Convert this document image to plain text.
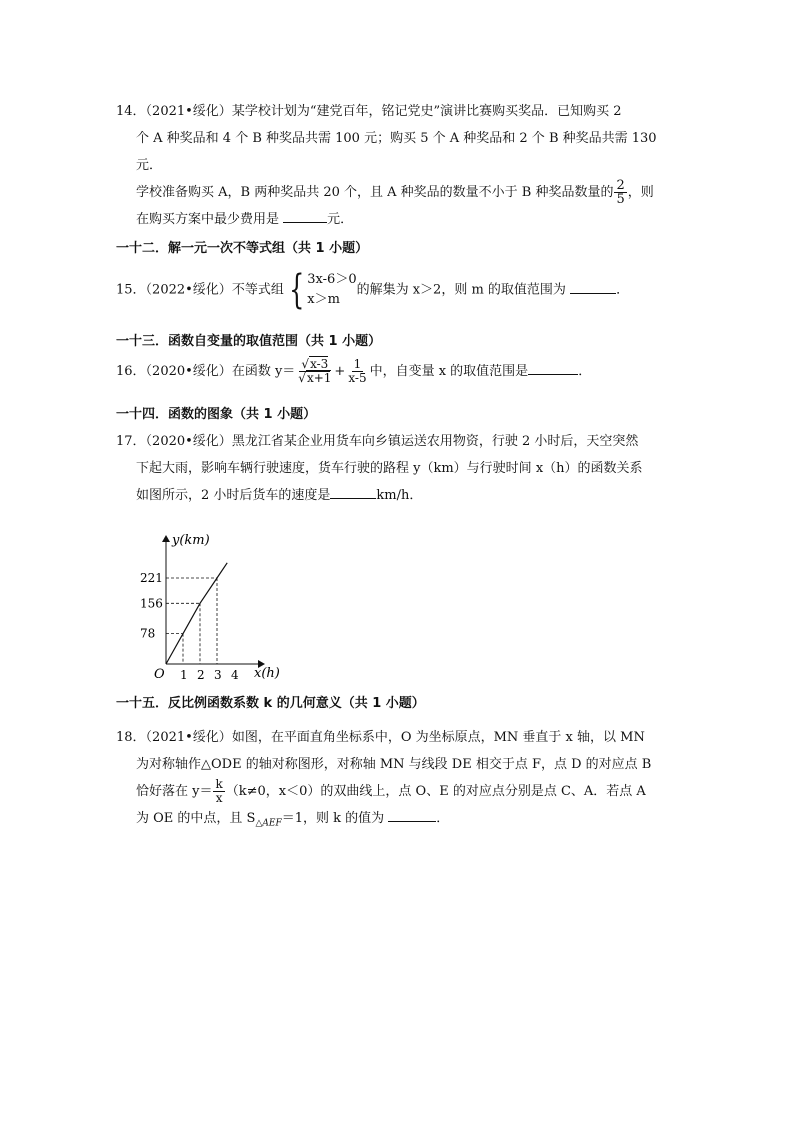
14．（2021•绥化）某学校计划为“建党百年，铭记党史”演讲比赛购买奖品．已知购买 2
个 A 种奖品和 4 个 B 种奖品共需 100 元；购买 5 个 A 种奖品和 2 个 B 种奖品共需 130 元．
学校准备购买 A，B 两种奖品共 20 个，且 A 种奖品的数量不小于 B 种奖品数量的 $\frac{2}{5}$ ，则
在购买方案中最少费用是	元．
一十二．解一元一次不等式组（共 1 小题）
15．（2022•绥化）不等式组 { 3x-6＞0
x＞m
的解集为 x＞2，则 m 的取值范围为	．
一十三．函数自变量的取值范围（共 1 小题）
16．（2020•绥化）在函数 $y= \frac{√x-3}{√x+1} + \frac{1}{x-5}$ 中，自变量 x 的取值范围是	．
一十四．函数的图象（共 1 小题）
17．（2020•绥化）黑龙江省某企业用货车向乡镇运送农用物资，行驶 2 小时后，天空突然
下起大雨，影响车辆行驶速度，货车行驶的路程 y（km）与行驶时间 x（h）的函数关系
如图所示，2 小时后货车的速度是	km/h．
y(km)
x(h)
O 1 2 3 4
78
156
221
一十五．反比例函数系数 k 的几何意义（共 1 小题）
18．（2021•绥化）如图，在平面直角坐标系中，O 为坐标原点，MN 垂直于 x 轴，以 MN
为对称轴作△ODE 的轴对称图形，对称轴 MN 与线段 DE 相交于点 F，点 D 的对应点 B
恰好落在 $y= \frac{k}{x} (k\ne 0$，x＜0）的双曲线上，点 O、E 的对应点分别是点 C、A．若点 A
为 OE 的中点，且 $S_{\triangle AEF}=1$，则 k 的值为	．
